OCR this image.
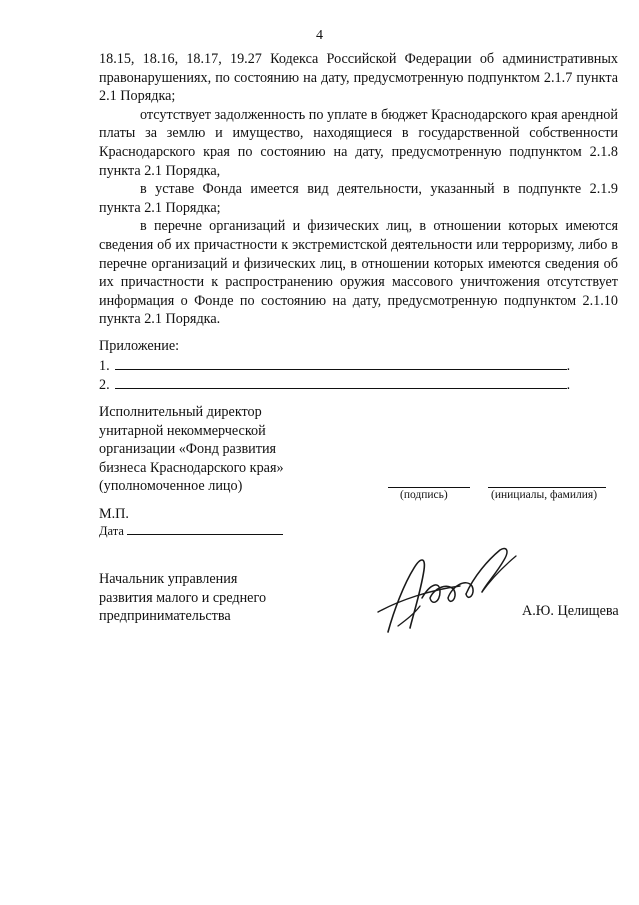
4

18.15, 18.16, 18.17, 19.27 Кодекса Российской Федерации об административных правонарушениях, по состоянию на дату, предусмотренную подпунктом 2.1.7 пункта 2.1 Порядка;

отсутствует задолженность по уплате в бюджет Краснодарского края арендной платы за землю и имущество, находящиеся в государственной собственности Краснодарского края по состоянию на дату, предусмотренную подпунктом 2.1.8 пункта 2.1 Порядка,

в уставе Фонда имеется вид деятельности, указанный в подпункте 2.1.9 пункта 2.1 Порядка;

в перечне организаций и физических лиц, в отношении которых имеются сведения об их причастности к экстремистской деятельности или терроризму, либо в перечне организаций и физических лиц, в отношении которых имеются сведения об их причастности к распространению оружия массового уничтожения отсутствует информация о Фонде по состоянию на дату, предусмотренную подпунктом 2.1.10 пункта 2.1 Порядка.

Приложение:
1.	.
2.	.
Исполнительный директор
унитарной некоммерческой
организации «Фонд развития
бизнеса Краснодарского края»
(уполномоченное лицо)
(подпись)	(инициалы, фамилия)
М.П.
Дата
Начальник управления
развития малого и среднего
предпринимательства	А.Ю. Целищева
